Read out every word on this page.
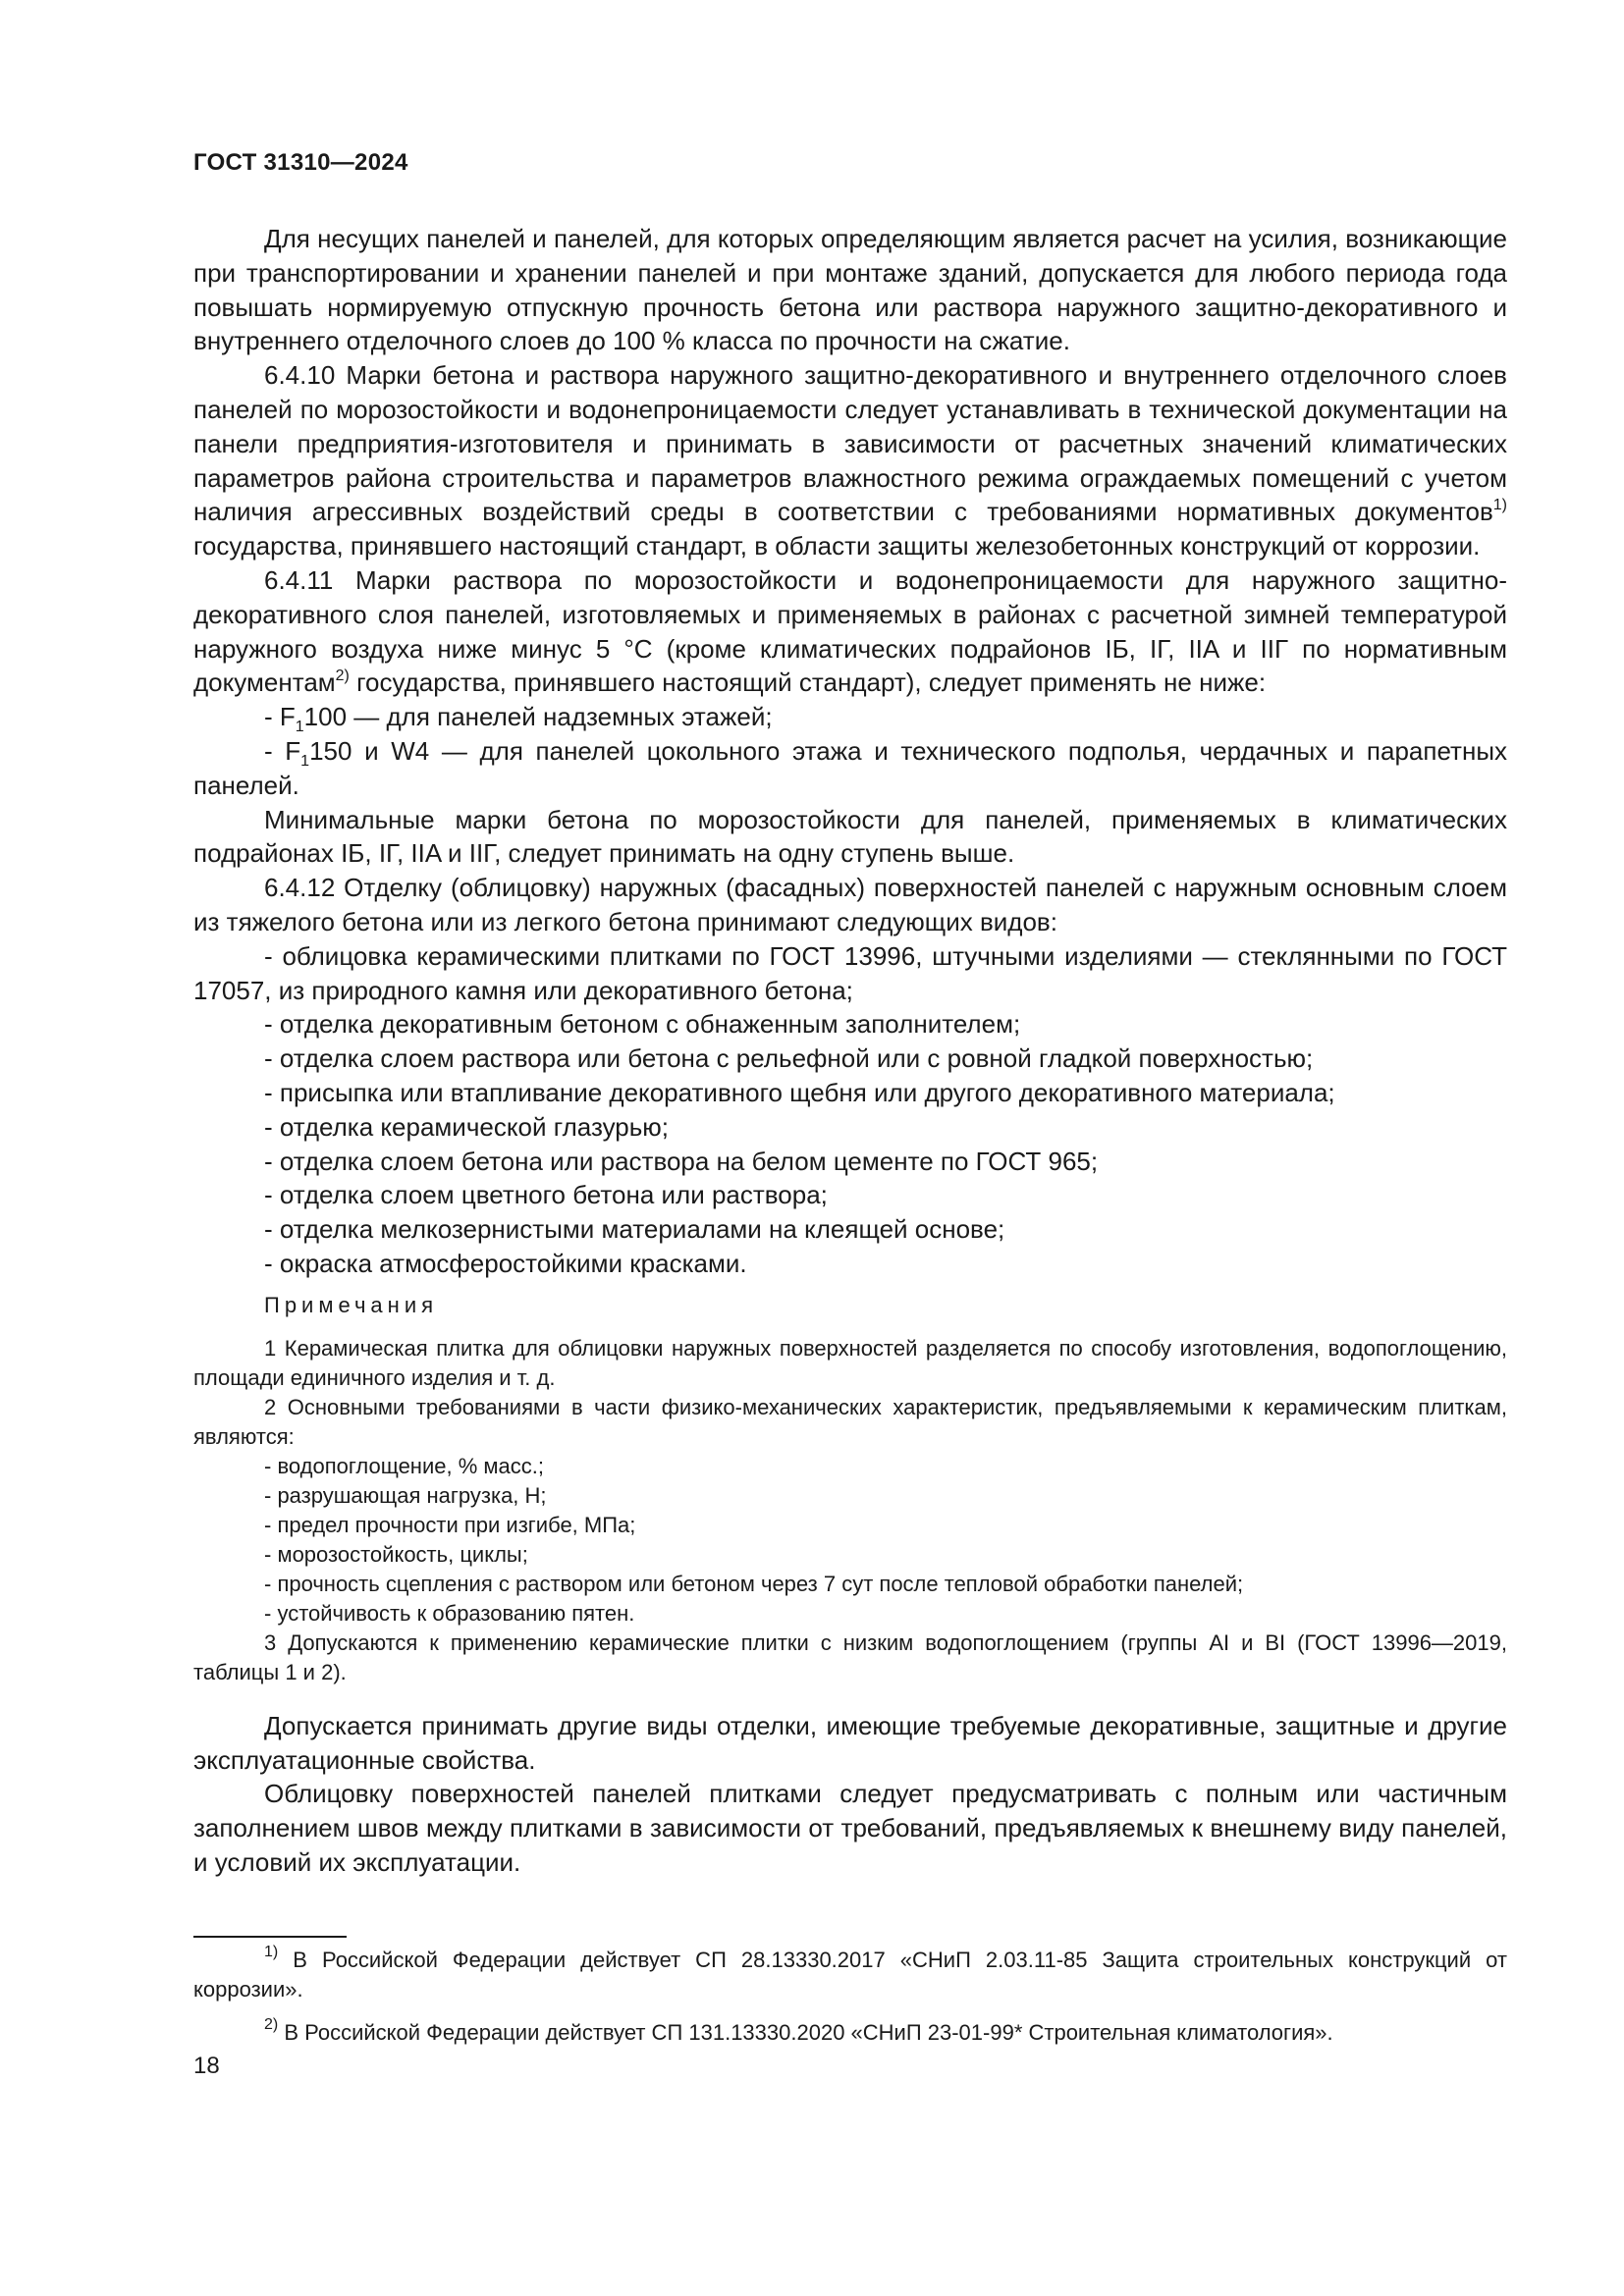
ГОСТ 31310—2024

Для несущих панелей и панелей, для которых определяющим является расчет на усилия, возникающие при транспортировании и хранении панелей и при монтаже зданий, допускается для любого периода года повышать нормируемую отпускную прочность бетона или раствора наружного защитно-декоративного и внутреннего отделочного слоев до 100 % класса по прочности на сжатие.

6.4.10 Марки бетона и раствора наружного защитно-декоративного и внутреннего отделочного слоев панелей по морозостойкости и водонепроницаемости следует устанавливать в технической документации на панели предприятия-изготовителя и принимать в зависимости от расчетных значений климатических параметров района строительства и параметров влажностного режима ограждаемых помещений с учетом наличия агрессивных воздействий среды в соответствии с требованиями нормативных документов$^{1)}$ государства, принявшего настоящий стандарт, в области защиты железобетонных конструкций от коррозии.

6.4.11 Марки раствора по морозостойкости и водонепроницаемости для наружного защитно-декоративного слоя панелей, изготовляемых и применяемых в районах с расчетной зимней температурой наружного воздуха ниже минус 5 °С (кроме климатических подрайонов IБ, IГ, IIA и IIГ по нормативным документам$^{2)}$ государства, принявшего настоящий стандарт), следует применять не ниже:

- $F_1100$ — для панелей надземных этажей;

- $F_1150$ и W4 — для панелей цокольного этажа и технического подполья, чердачных и парапетных панелей.

Минимальные марки бетона по морозостойкости для панелей, применяемых в климатических подрайонах IБ, IГ, IIA и IIГ, следует принимать на одну ступень выше.

6.4.12 Отделку (облицовку) наружных (фасадных) поверхностей панелей с наружным основным слоем из тяжелого бетона или из легкого бетона принимают следующих видов:

- облицовка керамическими плитками по ГОСТ 13996, штучными изделиями — стеклянными по ГОСТ 17057, из природного камня или декоративного бетона;

- отделка декоративным бетоном с обнаженным заполнителем;

- отделка слоем раствора или бетона с рельефной или с ровной гладкой поверхностью;

- присыпка или втапливание декоративного щебня или другого декоративного материала;

- отделка керамической глазурью;

- отделка слоем бетона или раствора на белом цементе по ГОСТ 965;

- отделка слоем цветного бетона или раствора;

- отделка мелкозернистыми материалами на клеящей основе;

- окраска атмосферостойкими красками.

Примечания

1 Керамическая плитка для облицовки наружных поверхностей разделяется по способу изготовления, водопоглощению, площади единичного изделия и т. д.

2 Основными требованиями в части физико-механических характеристик, предъявляемыми к керамическим плиткам, являются:

- водопоглощение, % масс.;

- разрушающая нагрузка, Н;

- предел прочности при изгибе, МПа;

- морозостойкость, циклы;

- прочность сцепления с раствором или бетоном через 7 сут после тепловой обработки панелей;

- устойчивость к образованию пятен.

3 Допускаются к применению керамические плитки с низким водопоглощением (группы AI и BI (ГОСТ 13996—2019, таблицы 1 и 2).

Допускается принимать другие виды отделки, имеющие требуемые декоративные, защитные и другие эксплуатационные свойства.

Облицовку поверхностей панелей плитками следует предусматривать с полным или частичным заполнением швов между плитками в зависимости от требований, предъявляемых к внешнему виду панелей, и условий их эксплуатации.

$^{1)}$ В Российской Федерации действует СП 28.13330.2017 «СНиП 2.03.11-85 Защита строительных конструкций от коррозии».

$^{2)}$ В Российской Федерации действует СП 131.13330.2020 «СНиП 23-01-99* Строительная климатология».

18
